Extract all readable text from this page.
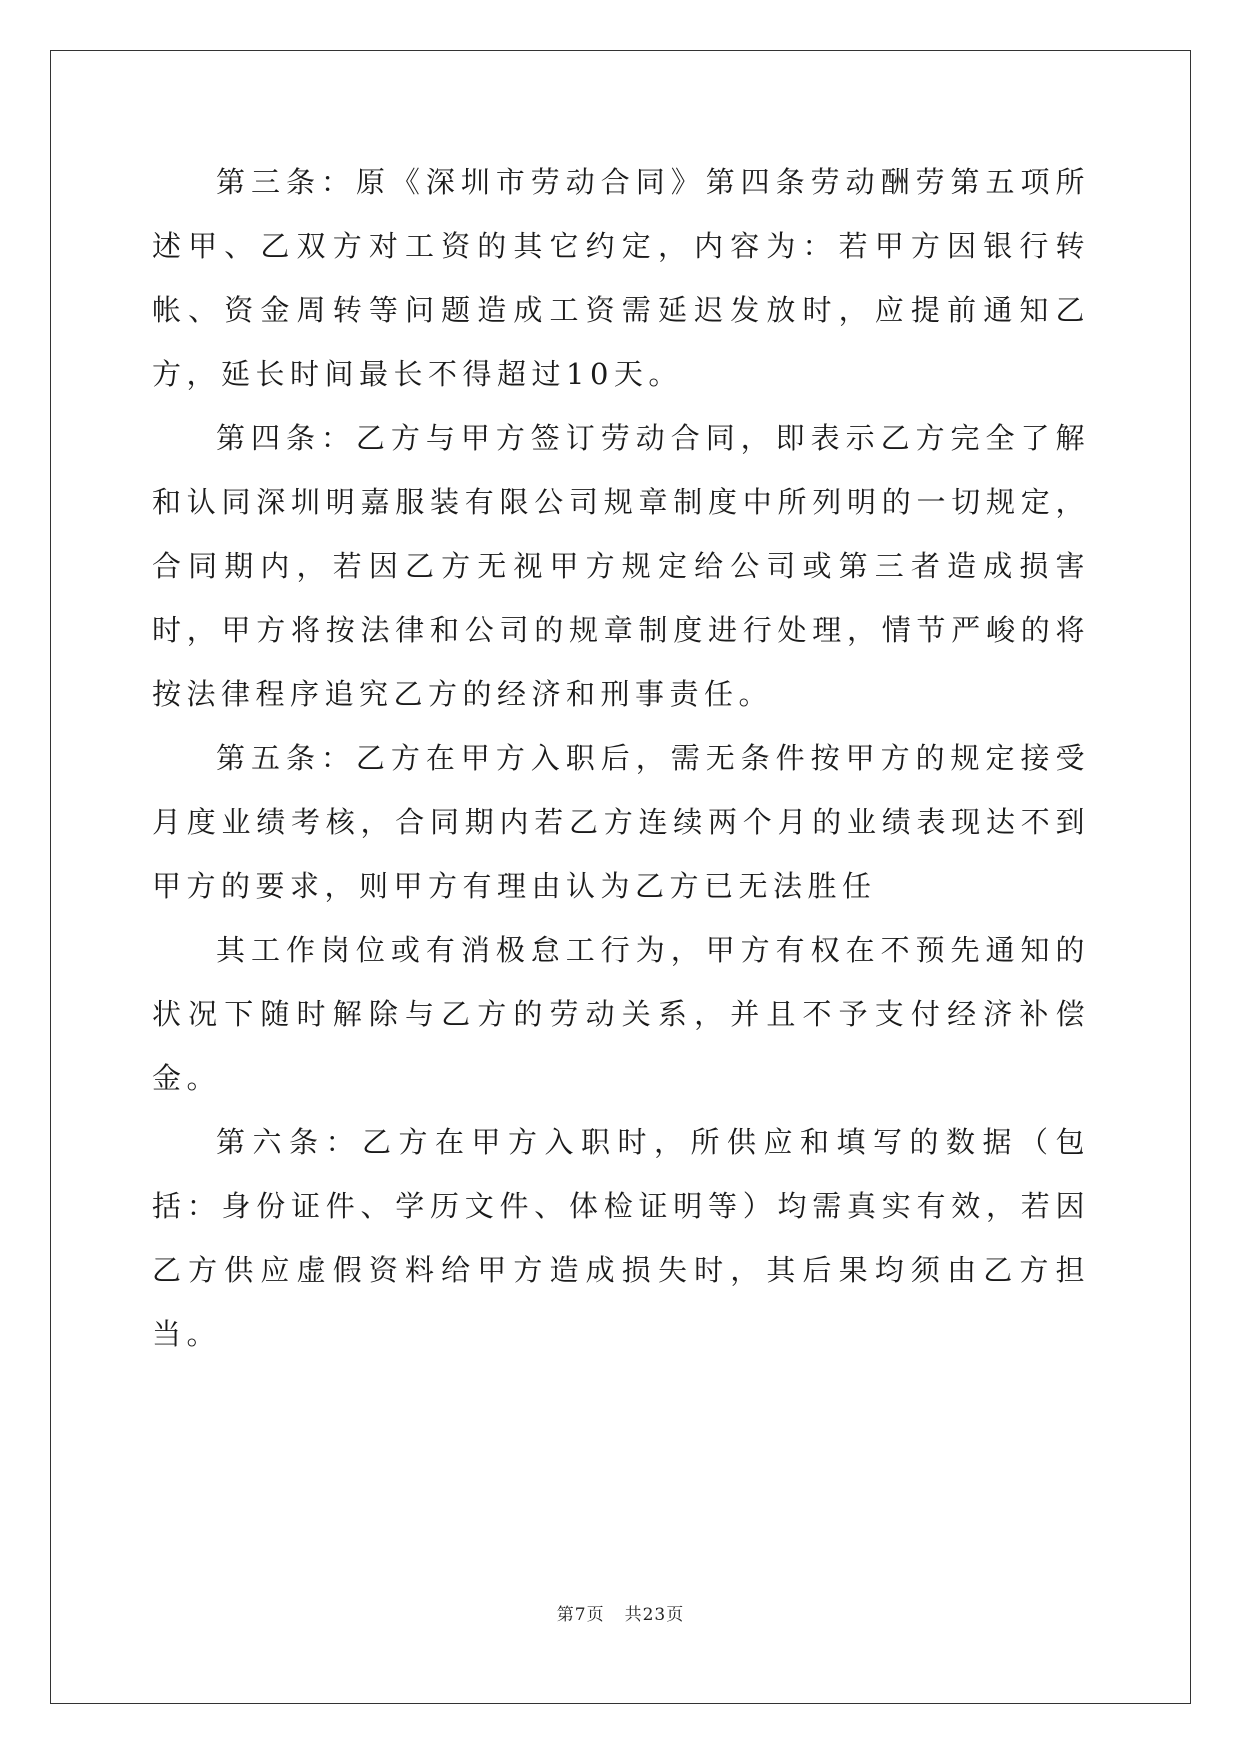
第三条：原《深圳市劳动合同》第四条劳动酬劳第五项所述甲、乙双方对工资的其它约定，内容为：若甲方因银行转帐、资金周转等问题造成工资需延迟发放时，应提前通知乙方，延长时间最长不得超过10天。

第四条：乙方与甲方签订劳动合同，即表示乙方完全了解和认同深圳明嘉服装有限公司规章制度中所列明的一切规定，合同期内，若因乙方无视甲方规定给公司或第三者造成损害时，甲方将按法律和公司的规章制度进行处理，情节严峻的将按法律程序追究乙方的经济和刑事责任。

第五条：乙方在甲方入职后，需无条件按甲方的规定接受月度业绩考核，合同期内若乙方连续两个月的业绩表现达不到甲方的要求，则甲方有理由认为乙方已无法胜任

其工作岗位或有消极怠工行为，甲方有权在不预先通知的状况下随时解除与乙方的劳动关系，并且不予支付经济补偿金。

第六条：乙方在甲方入职时，所供应和填写的数据（包括：身份证件、学历文件、体检证明等）均需真实有效，若因乙方供应虚假资料给甲方造成损失时，其后果均须由乙方担当。

第7页 共23页
